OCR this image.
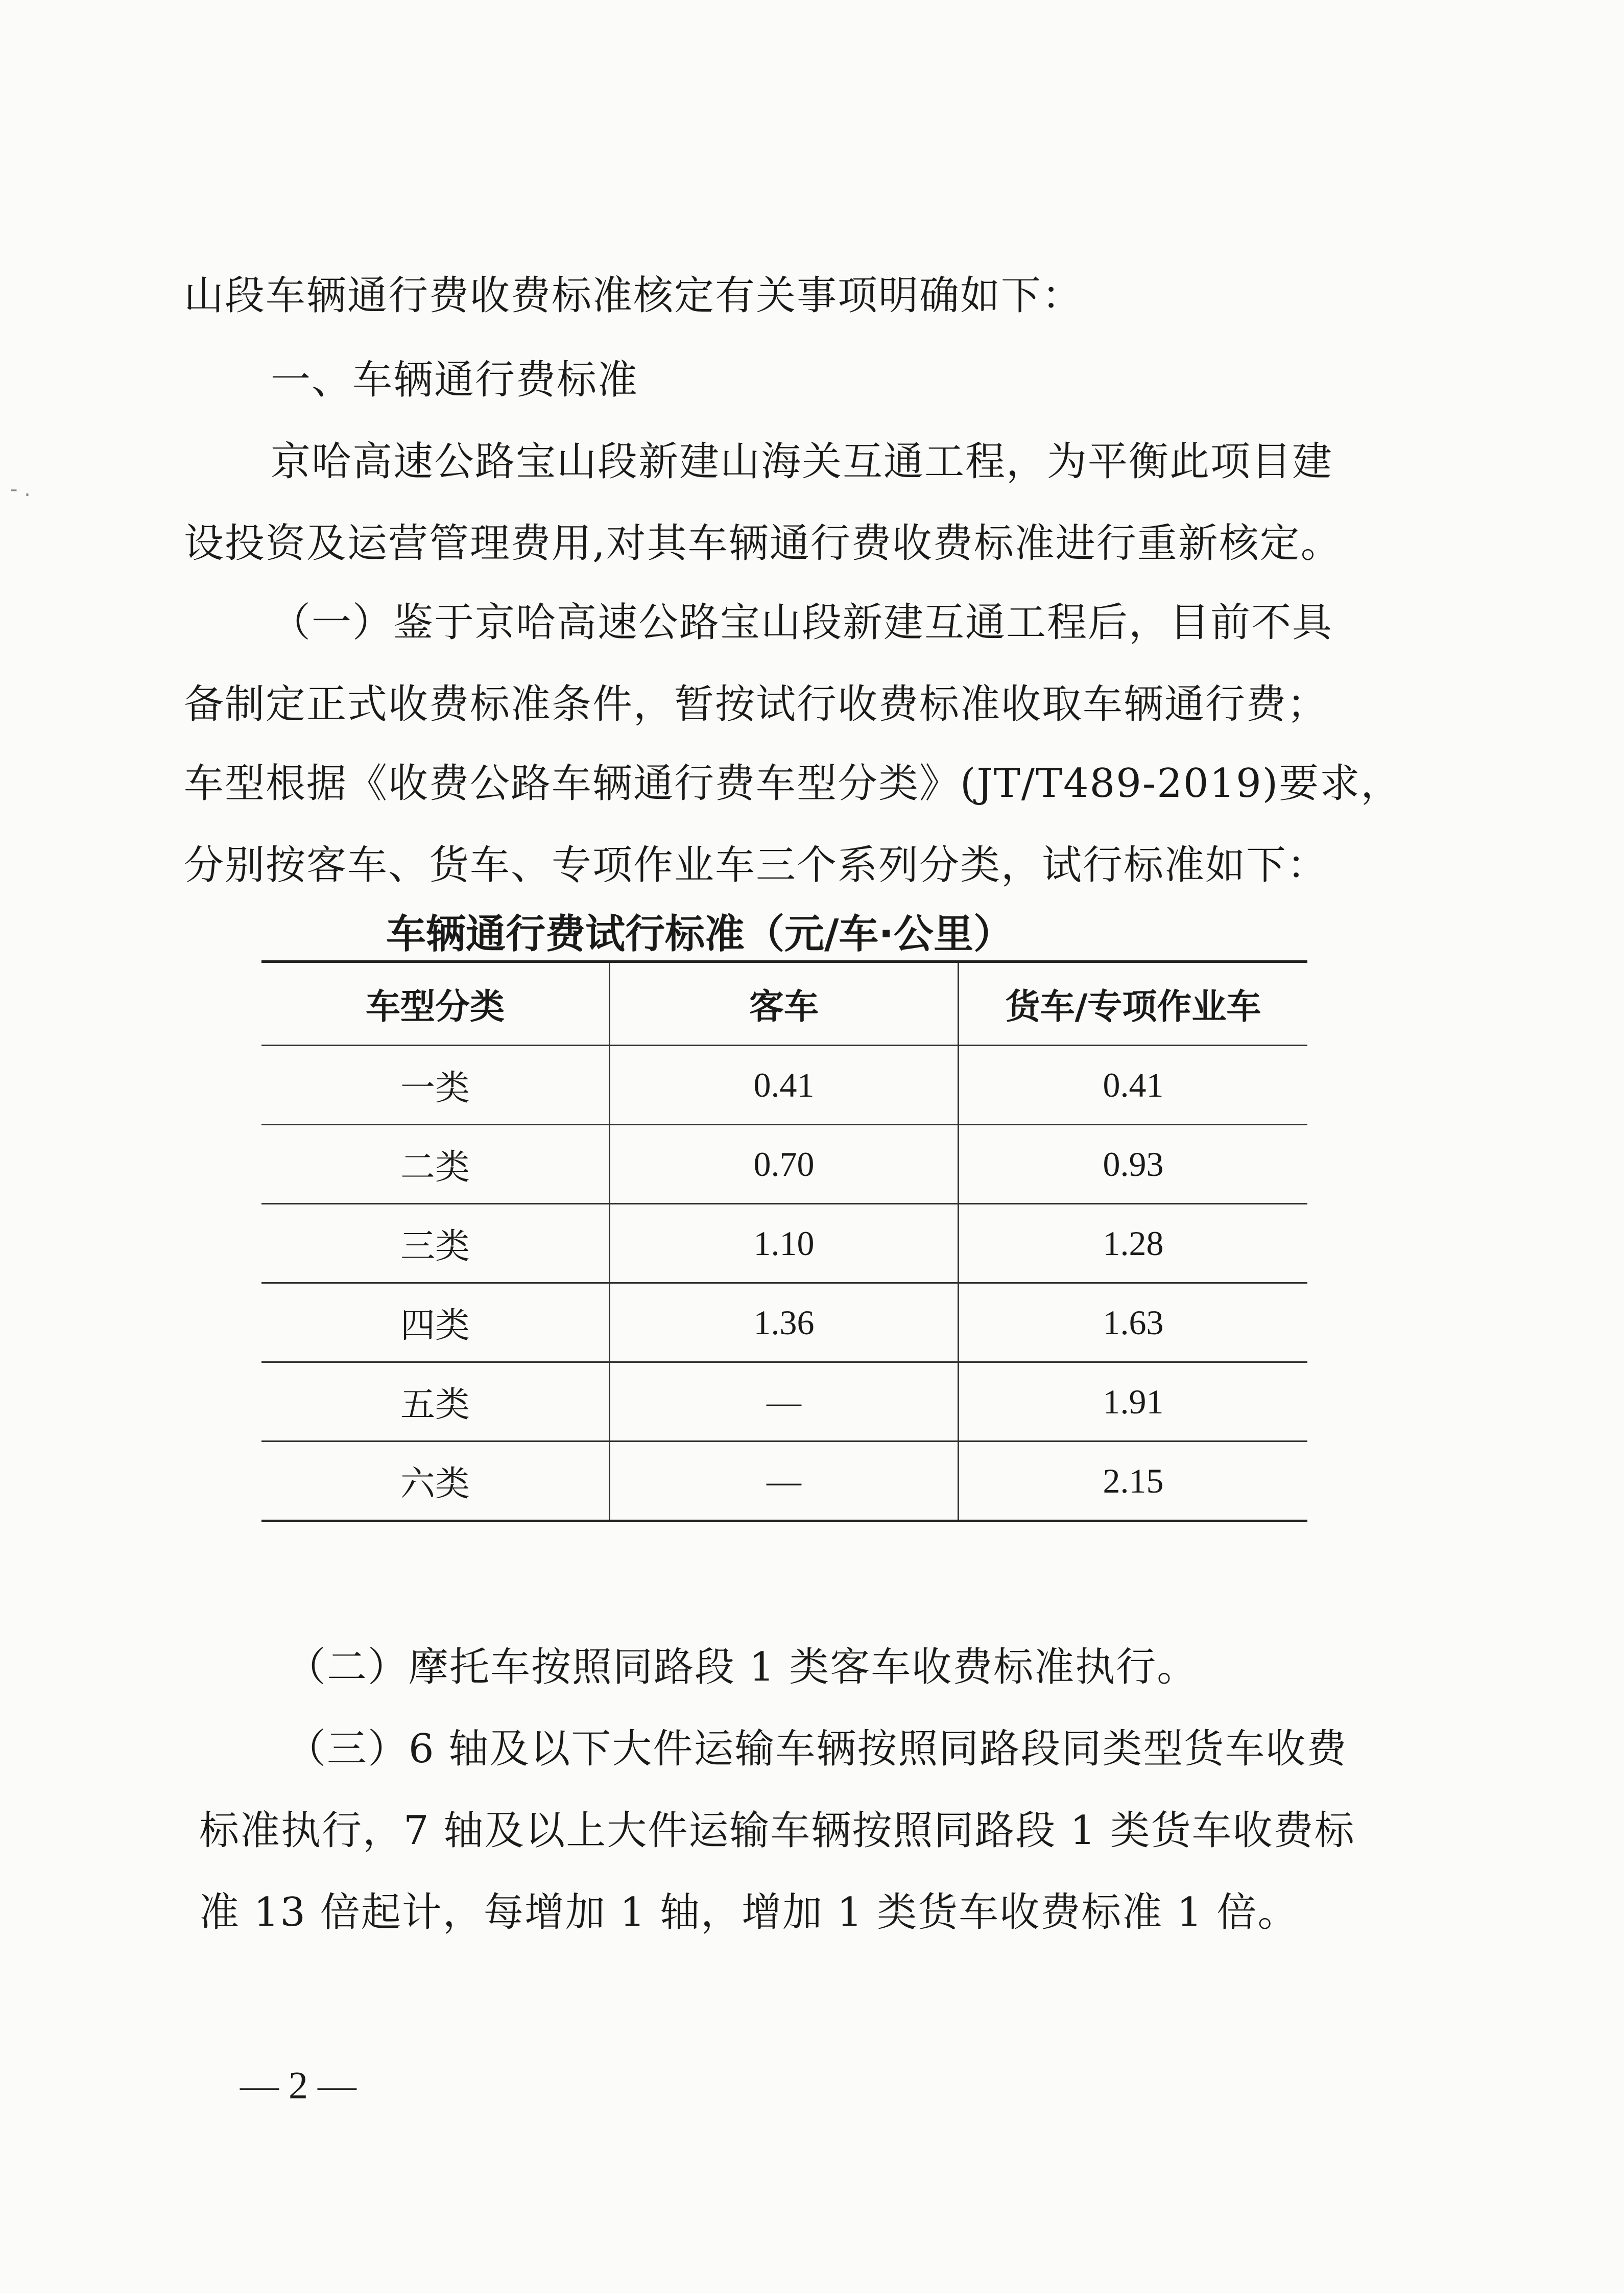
- .
山段车辆通行费收费标准核定有关事项明确如下：
一、车辆通行费标准
京哈高速公路宝山段新建山海关互通工程，为平衡此项目建
设投资及运营管理费用,对其车辆通行费收费标准进行重新核定。
（一）鉴于京哈高速公路宝山段新建互通工程后，目前不具
备制定正式收费标准条件，暂按试行收费标准收取车辆通行费；
车型根据《收费公路车辆通行费车型分类》(JT/T489-2019)要求，
分别按客车、货车、专项作业车三个系列分类，试行标准如下：
车辆通行费试行标准（元/车·公里）
车型分类	客车	货车/专项作业车
一类	0.41	0.41
二类	0.70	0.93
三类	1.10	1.28
四类	1.36	1.63
五类	—	1.91
六类	—	2.15
（二）摩托车按照同路段 1 类客车收费标准执行。
（三）6 轴及以下大件运输车辆按照同路段同类型货车收费
标准执行，7 轴及以上大件运输车辆按照同路段 1 类货车收费标
准 13 倍起计，每增加 1 轴，增加 1 类货车收费标准 1 倍。
— 2 —
